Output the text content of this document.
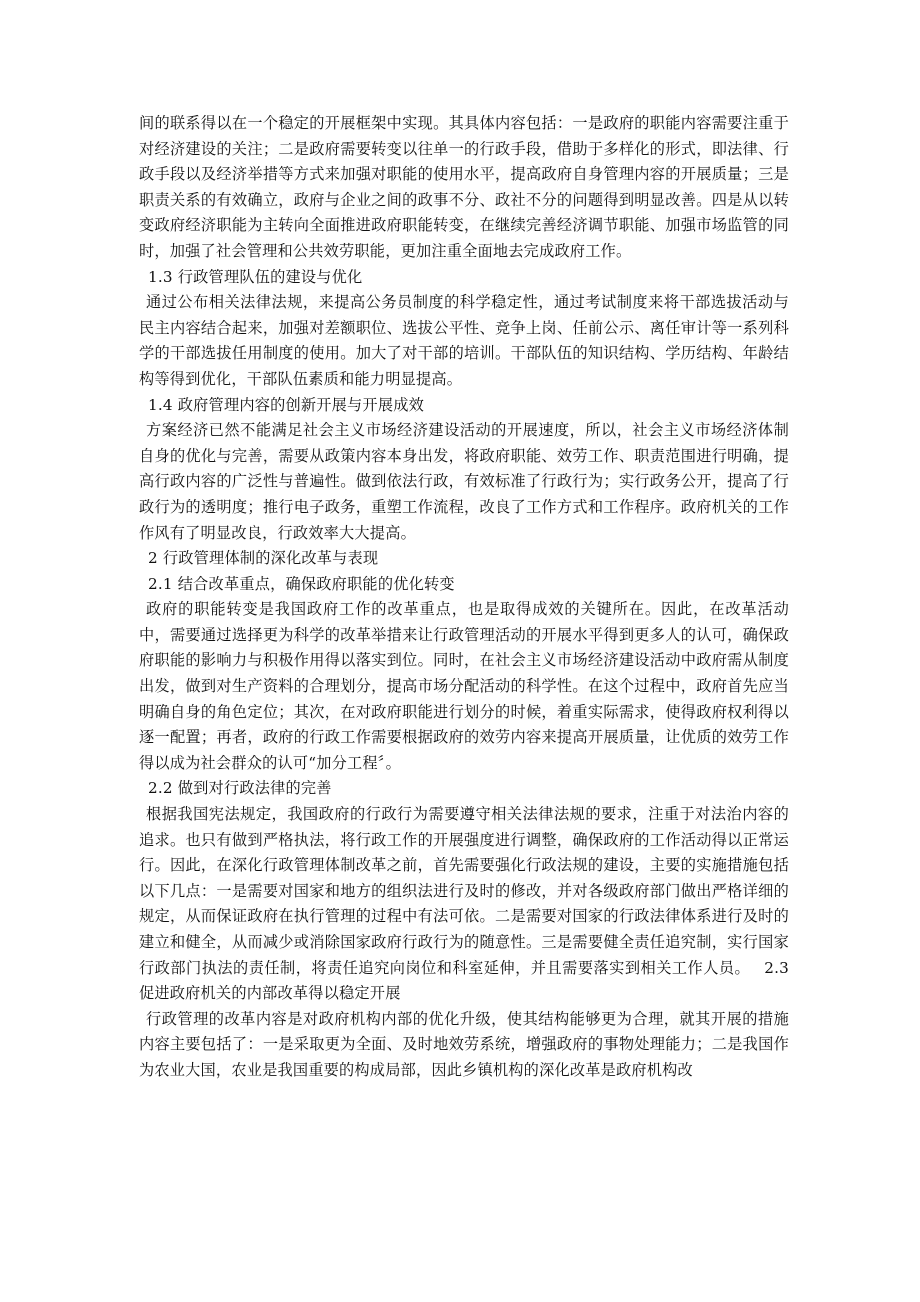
间的联系得以在一个稳定的开展框架中实现。其具体内容包括：一是政府的职能内容需要注重于对经济建设的关注；二是政府需要转变以往单一的行政手段，借助于多样化的形式，即法律、行政手段以及经济举措等方式来加强对职能的使用水平，提高政府自身管理内容的开展质量；三是职责关系的有效确立，政府与企业之间的政事不分、政社不分的问题得到明显改善。四是从以转变政府经济职能为主转向全面推进政府职能转变，在继续完善经济调节职能、加强市场监管的同时，加强了社会管理和公共效劳职能，更加注重全面地去完成政府工作。

1.3 行政管理队伍的建设与优化

通过公布相关法律法规，来提高公务员制度的科学稳定性，通过考试制度来将干部选拔活动与民主内容结合起来，加强对差额职位、选拔公平性、竞争上岗、任前公示、离任审计等一系列科学的干部选拔任用制度的使用。加大了对干部的培训。干部队伍的知识结构、学历结构、年龄结构等得到优化，干部队伍素质和能力明显提高。

1.4 政府管理内容的创新开展与开展成效

方案经济已然不能满足社会主义市场经济建设活动的开展速度，所以，社会主义市场经济体制自身的优化与完善，需要从政策内容本身出发，将政府职能、效劳工作、职责范围进行明确，提高行政内容的广泛性与普遍性。做到依法行政，有效标准了行政行为；实行政务公开，提高了行政行为的透明度；推行电子政务，重塑工作流程，改良了工作方式和工作程序。政府机关的工作作风有了明显改良，行政效率大大提高。

2 行政管理体制的深化改革与表现

2.1 结合改革重点，确保政府职能的优化转变

政府的职能转变是我国政府工作的改革重点，也是取得成效的关键所在。因此，在改革活动中，需要通过选择更为科学的改革举措来让行政管理活动的开展水平得到更多人的认可，确保政府职能的影响力与积极作用得以落实到位。同时，在社会主义市场经济建设活动中政府需从制度出发，做到对生产资料的合理划分，提高市场分配活动的科学性。在这个过程中，政府首先应当明确自身的角色定位；其次，在对政府职能进行划分的时候，着重实际需求，使得政府权利得以逐一配置；再者，政府的行政工作需要根据政府的效劳内容来提高开展质量，让优质的效劳工作得以成为社会群众的认可“加分工程〞。

2.2 做到对行政法律的完善

根据我国宪法规定，我国政府的行政行为需要遵守相关法律法规的要求，注重于对法治内容的追求。也只有做到严格执法，将行政工作的开展强度进行调整，确保政府的工作活动得以正常运行。因此，在深化行政管理体制改革之前，首先需要强化行政法规的建设，主要的实施措施包括以下几点：一是需要对国家和地方的组织法进行及时的修改，并对各级政府部门做出严格详细的规定，从而保证政府在执行管理的过程中有法可依。二是需要对国家的行政法律体系进行及时的建立和健全，从而减少或消除国家政府行政行为的随意性。三是需要健全责任追究制，实行国家行政部门执法的责任制，将责任追究向岗位和科室延伸，并且需要落实到相关工作人员。 2.3 促进政府机关的内部改革得以稳定开展

行政管理的改革内容是对政府机构内部的优化升级，使其结构能够更为合理，就其开展的措施内容主要包括了：一是采取更为全面、及时地效劳系统，增强政府的事物处理能力；二是我国作为农业大国，农业是我国重要的构成局部，因此乡镇机构的深化改革是政府机构改
